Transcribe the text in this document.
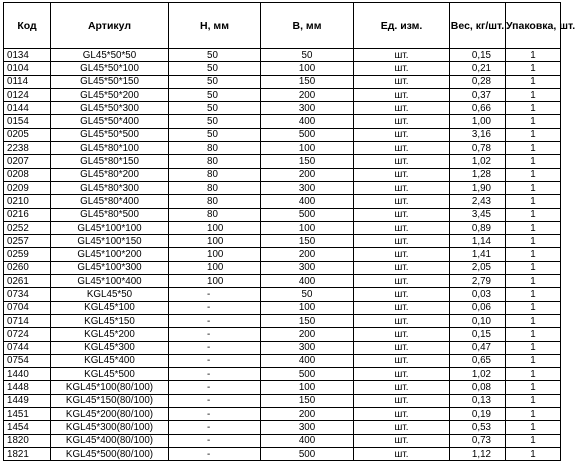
Код	Артикул	H, мм	B, мм	Ед. изм.	Вес, кг/шт.	Упаковка, шт.
0134	GL45*50*50	50	50	шт.	0,15	1
0104	GL45*50*100	50	100	шт.	0,21	1
0114	GL45*50*150	50	150	шт.	0,28	1
0124	GL45*50*200	50	200	шт.	0,37	1
0144	GL45*50*300	50	300	шт.	0,66	1
0154	GL45*50*400	50	400	шт.	1,00	1
0205	GL45*50*500	50	500	шт.	3,16	1
2238	GL45*80*100	80	100	шт.	0,78	1
0207	GL45*80*150	80	150	шт.	1,02	1
0208	GL45*80*200	80	200	шт.	1,28	1
0209	GL45*80*300	80	300	шт.	1,90	1
0210	GL45*80*400	80	400	шт.	2,43	1
0216	GL45*80*500	80	500	шт.	3,45	1
0252	GL45*100*100	100	100	шт.	0,89	1
0257	GL45*100*150	100	150	шт.	1,14	1
0259	GL45*100*200	100	200	шт.	1,41	1
0260	GL45*100*300	100	300	шт.	2,05	1
0261	GL45*100*400	100	400	шт.	2,79	1
0734	KGL45*50	-	50	шт.	0,03	1
0704	KGL45*100	-	100	шт.	0,06	1
0714	KGL45*150	-	150	шт.	0,10	1
0724	KGL45*200	-	200	шт.	0,15	1
0744	KGL45*300	-	300	шт.	0,47	1
0754	KGL45*400	-	400	шт.	0,65	1
1440	KGL45*500	-	500	шт.	1,02	1
1448	KGL45*100(80/100)	-	100	шт.	0,08	1
1449	KGL45*150(80/100)	-	150	шт.	0,13	1
1451	KGL45*200(80/100)	-	200	шт.	0,19	1
1454	KGL45*300(80/100)	-	300	шт.	0,53	1
1820	KGL45*400(80/100)	-	400	шт.	0,73	1
1821	KGL45*500(80/100)	-	500	шт.	1,12	1
